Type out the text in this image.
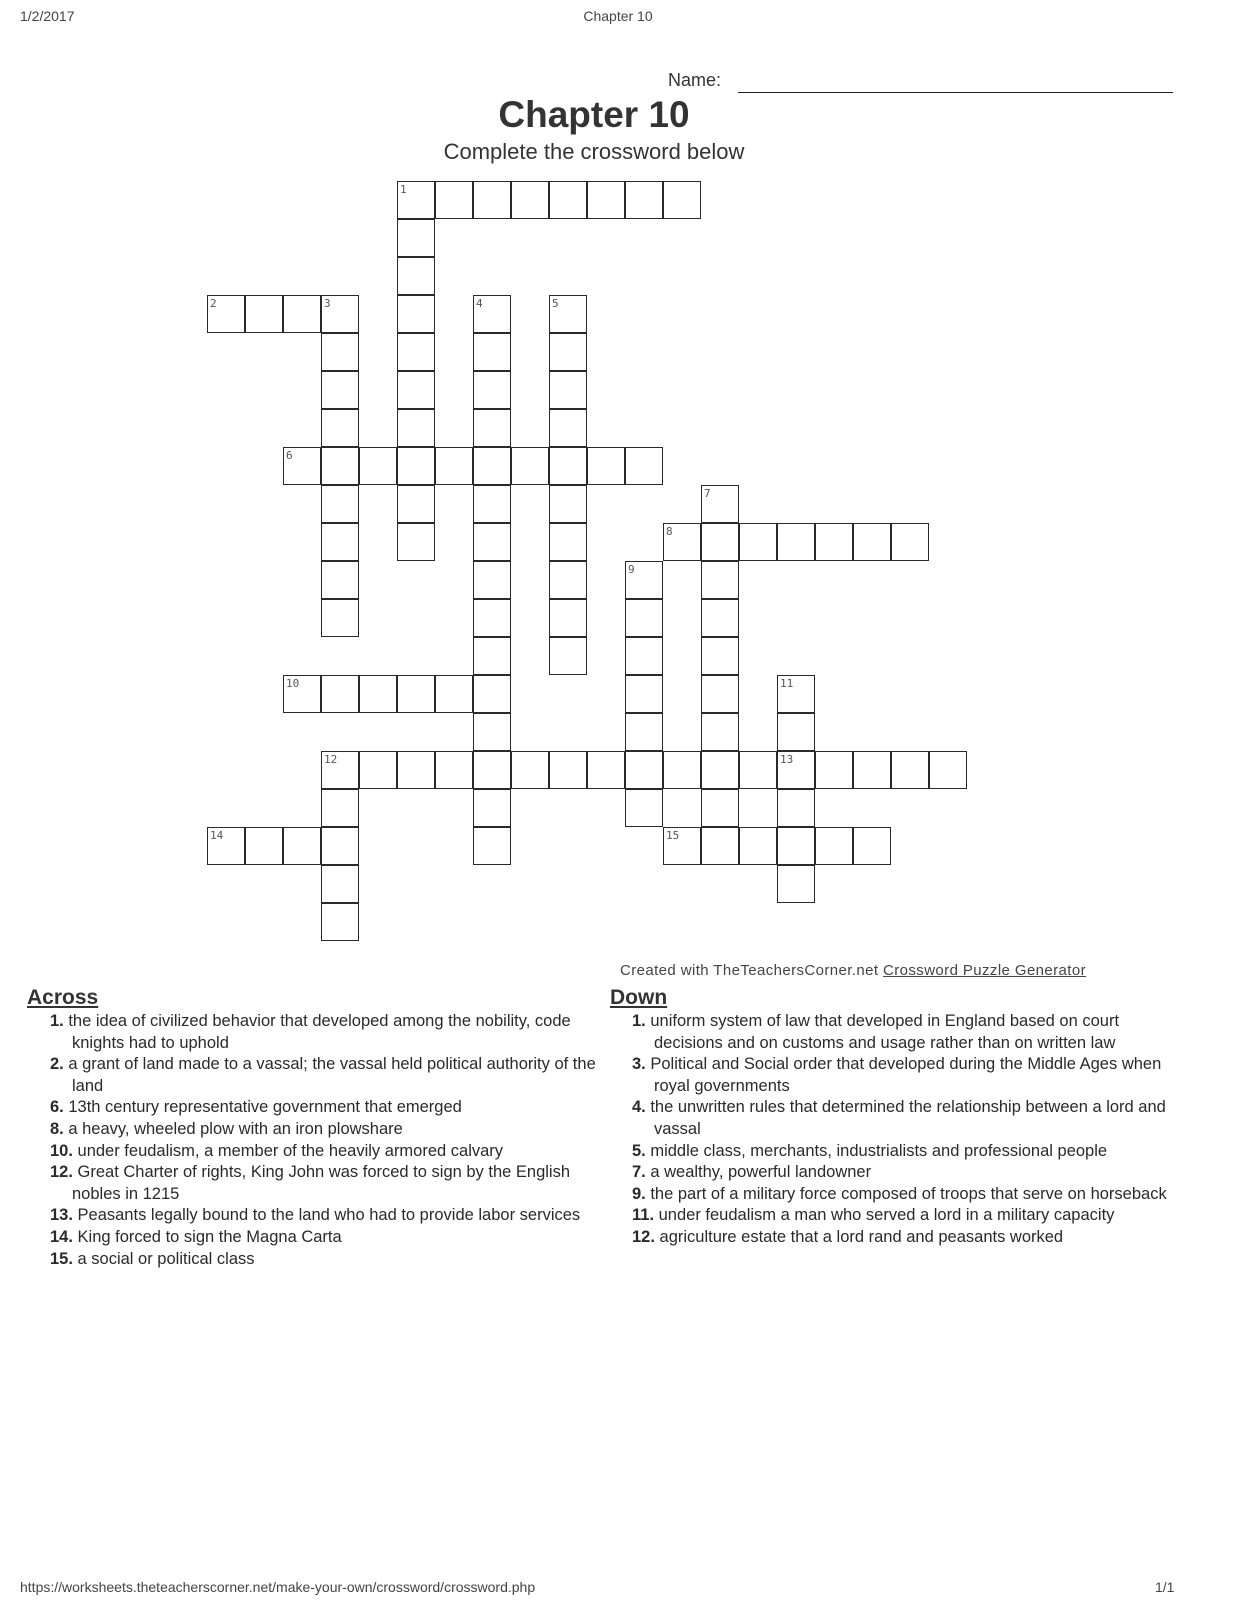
1/2/2017	Chapter 10
Name:
Chapter 10
Complete the crossword below
1
2	3	4	5
6
7
8
9
10	11
13
12
14	15
Created with TheTeachersCorner.net Crossword Puzzle Generator
Across	Down
1. the idea of civilized behavior that developed among the nobility, code knights had to uphold
2. a grant of land made to a vassal; the vassal held political authority of the land
6. 13th century representative government that emerged
8. a heavy, wheeled plow with an iron plowshare
10. under feudalism, a member of the heavily armored calvary
12. Great Charter of rights, King John was forced to sign by the English nobles in 1215
13. Peasants legally bound to the land who had to provide labor services
14. King forced to sign the Magna Carta
15. a social or political class
1. uniform system of law that developed in England based on court decisions and on customs and usage rather than on written law
3. Political and Social order that developed during the Middle Ages when royal governments
4. the unwritten rules that determined the relationship between a lord and vassal
5. middle class, merchants, industrialists and professional people
7. a wealthy, powerful landowner
9. the part of a military force composed of troops that serve on horseback
11. under feudalism a man who served a lord in a military capacity
12. agriculture estate that a lord rand and peasants worked
https://worksheets.theteacherscorner.net/make-your-own/crossword/crossword.php	1/1
